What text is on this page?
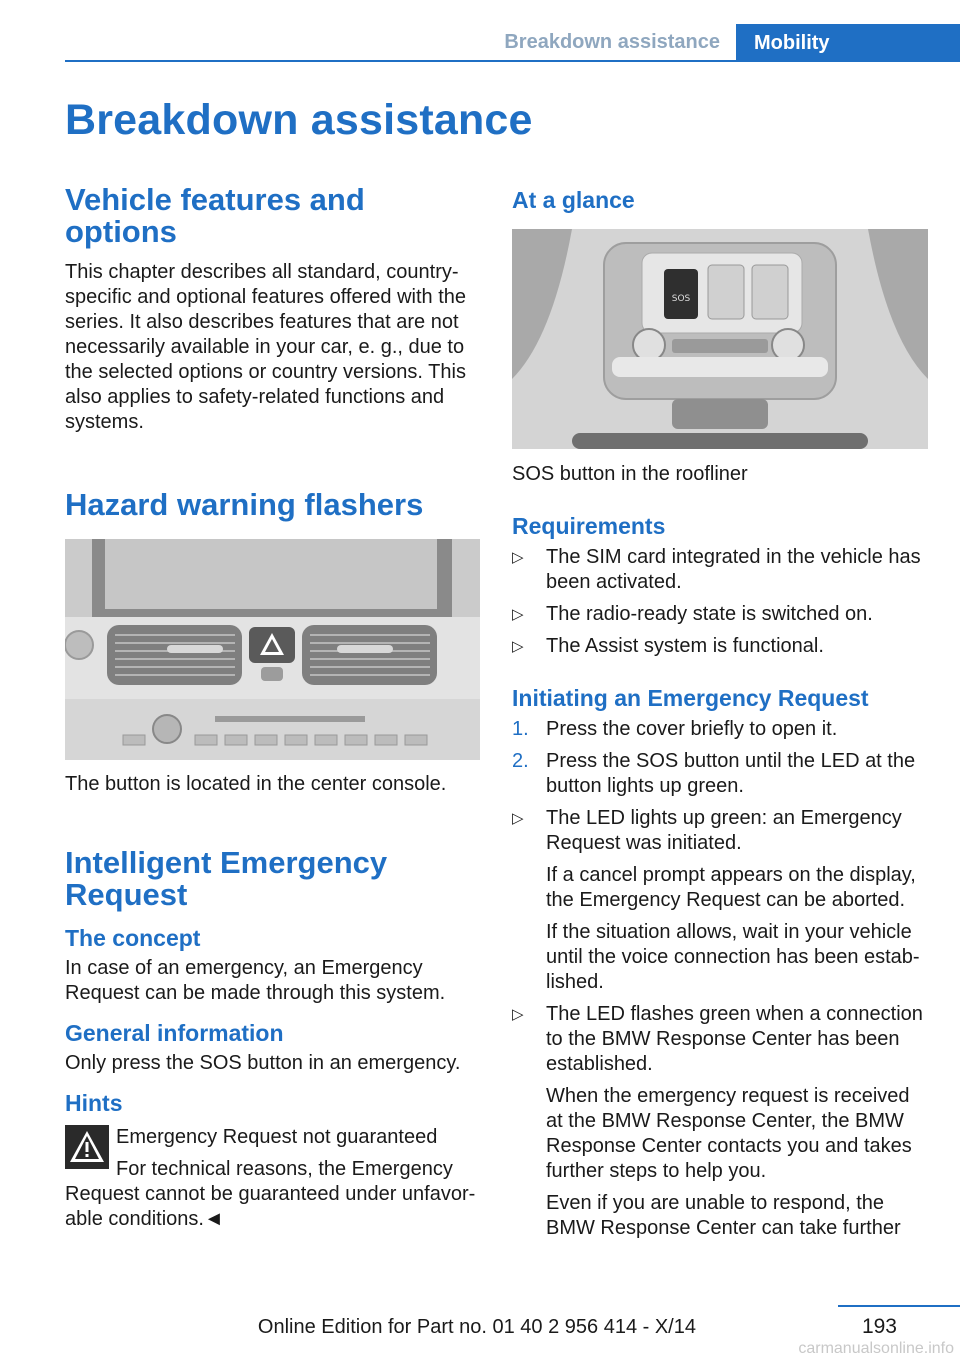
Breakdown assistance	Mobility
Breakdown assistance
Vehicle features and options

This chapter describes all standard, country-specific and optional features offered with the series. It also describes features that are not necessarily available in your car, e. g., due to the selected options or country versions. This also applies to safety-related functions and systems.

Hazard warning flashers

The button is located in the center console.

Intelligent Emergency Request
The concept

In case of an emergency, an Emergency Request can be made through this system.

General information

Only press the SOS button in an emergency.

Hints

Emergency Request not guaranteed

For technical reasons, the Emergency

Request cannot be guaranteed under unfavor-
able conditions.◄

At a glance
SOS

SOS button in the roofliner

Requirements
▷ The SIM card integrated in the vehicle has been activated.
▷ The radio-ready state is switched on.
▷ The Assist system is functional.
Initiating an Emergency Request
1. Press the cover briefly to open it.
2. Press the SOS button until the LED at the button lights up green.
▷ The LED lights up green: an Emergency Request was initiated.

If a cancel prompt appears on the display, the Emergency Request can be aborted.

If the situation allows, wait in your vehicle until the voice connection has been estab-
lished.

▷ The LED flashes green when a connection to the BMW Response Center has been established.

When the emergency request is received at the BMW Response Center, the BMW Response Center contacts you and takes further steps to help you.

Even if you are unable to respond, the BMW Response Center can take further

193
Online Edition for Part no. 01 40 2 956 414 - X/14
carmanualsonline.info
